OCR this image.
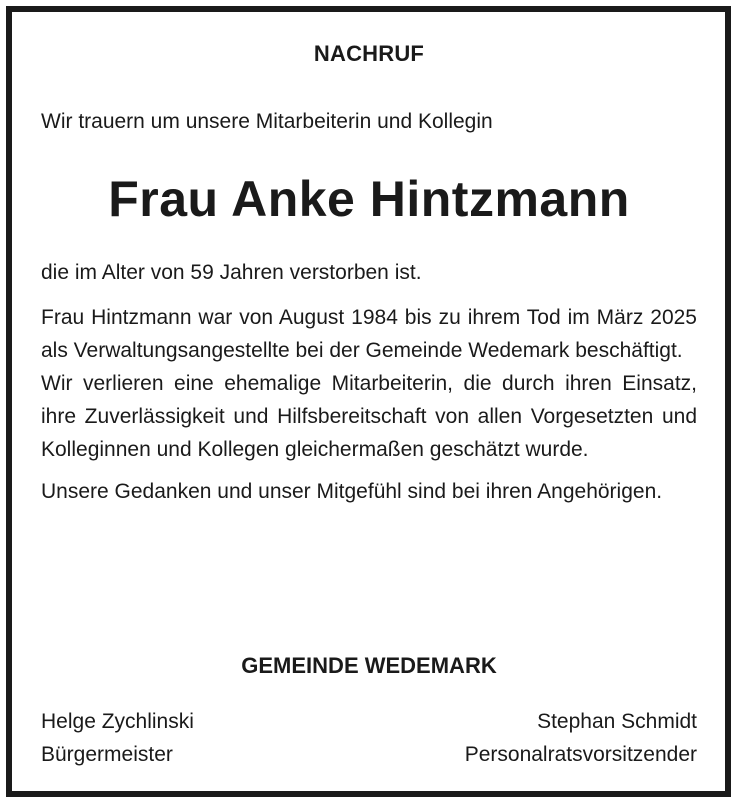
NACHRUF
Wir trauern um unsere Mitarbeiterin und Kollegin
Frau Anke Hintzmann
die im Alter von 59 Jahren verstorben ist.

Frau Hintzmann war von August 1984 bis zu ihrem Tod im März 2025 als Verwaltungsangestellte bei der Gemeinde Wedemark beschäftigt.

Wir verlieren eine ehemalige Mitarbeiterin, die durch ihren Einsatz, ihre Zuverlässigkeit und Hilfsbereitschaft von allen Vorgesetzten und Kolleginnen und Kollegen gleichermaßen geschätzt wurde.

Unsere Gedanken und unser Mitgefühl sind bei ihren Angehörigen.

GEMEINDE WEDEMARK
Helge Zychlinski
Bürgermeister
Stephan Schmidt
Personalratsvorsitzender
